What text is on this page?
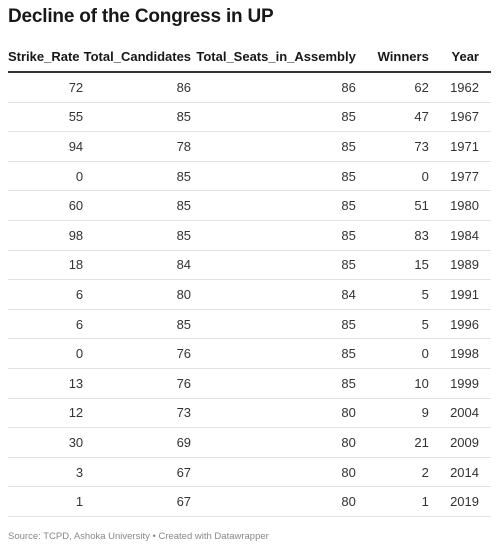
Decline of the Congress in UP
Strike_Rate	Total_Candidates	Total_Seats_in_Assembly	Winners	Year
72	86	86	62	1962
55	85	85	47	1967
94	78	85	73	1971
0	85	85	0	1977
60	85	85	51	1980
98	85	85	83	1984
18	84	85	15	1989
6	80	84	5	1991
6	85	85	5	1996
0	76	85	0	1998
13	76	85	10	1999
12	73	80	9	2004
30	69	80	21	2009
3	67	80	2	2014
1	67	80	1	2019
Source: TCPD, Ashoka University • Created with Datawrapper
